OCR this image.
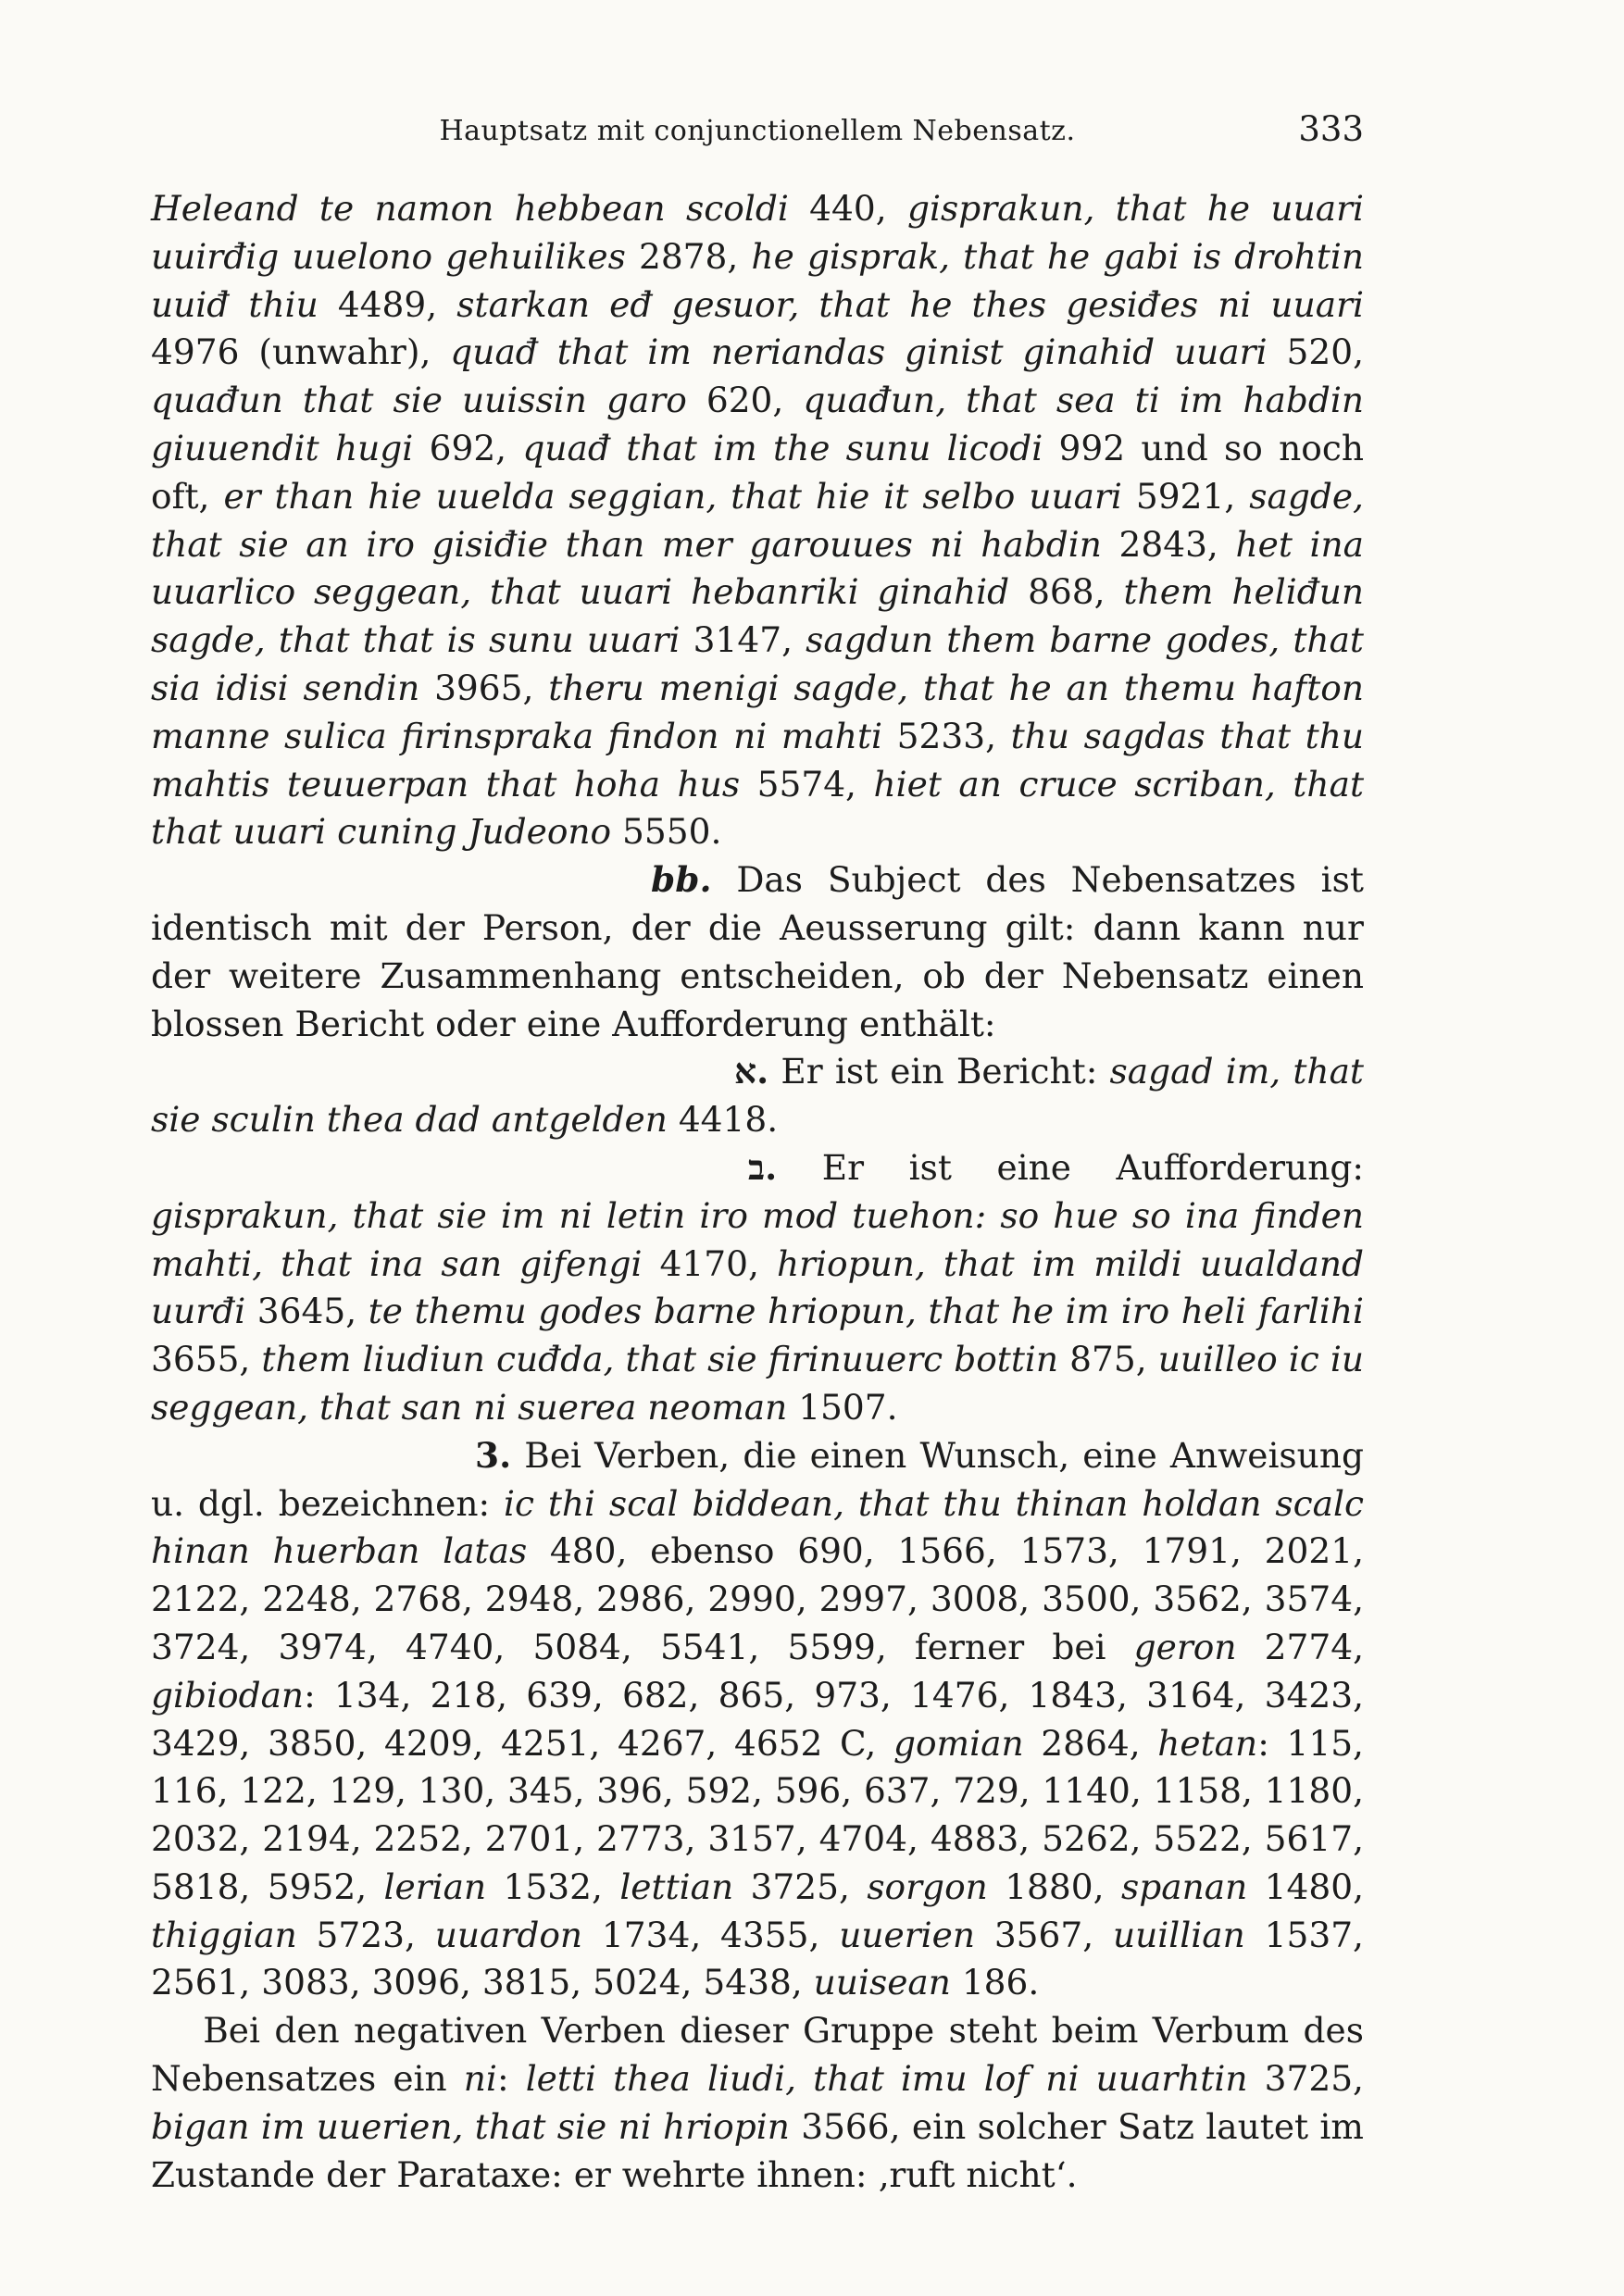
Hauptsatz mit conjunctionellem Nebensatz.	333

Heleand te namon hebbean scoldi 440, gisprakun, that he uuari uuirđig uuelono gehuilikes 2878, he gisprak, that he gabi is drohtin uuiđ thiu 4489, starkan eđ gesuor, that he thes gesiđes ni uuari 4976 (unwahr), quađ that im neriandas ginist ginahid uuari 520, quađun that sie uuissin garo 620, quađun, that sea ti im habdin giuuendit hugi 692, quađ that im the sunu licodi 992 und so noch oft, er than hie uuelda seggian, that hie it selbo uuari 5921, sagde, that sie an iro gisiđie than mer garouues ni habdin 2843, het ina uuarlico seggean, that uuari hebanriki ginahid 868, them heliđun sagde, that that is sunu uuari 3147, sagdun them barne godes, that sia idisi sendin 3965, theru menigi sagde, that he an themu hafton manne sulica firinspraka findon ni mahti 5233, thu sagdas that thu mahtis teuuerpan that hoha hus 5574, hiet an cruce scriban, that that uuari cuning Judeono 5550.

bb. Das Subject des Nebensatzes ist identisch mit der Person, der die Aeusserung gilt: dann kann nur der weitere Zusammenhang entscheiden, ob der Nebensatz einen blossen Bericht oder eine Aufforderung enthält:

א. Er ist ein Bericht: sagad im, that sie sculin thea dad antgelden 4418.

ב. Er ist eine Aufforderung: gisprakun, that sie im ni letin iro mod tuehon: so hue so ina finden mahti, that ina san gifengi 4170, hriopun, that im mildi uualdand uurđi 3645, te themu godes barne hriopun, that he im iro heli farlihi 3655, them liudiun cuđda, that sie firinuuerc bottin 875, uuilleo ic iu seggean, that san ni suerea neoman 1507.

3. Bei Verben, die einen Wunsch, eine Anweisung u. dgl. bezeichnen: ic thi scal biddean, that thu thinan holdan scalc hinan huerban latas 480, ebenso 690, 1566, 1573, 1791, 2021, 2122, 2248, 2768, 2948, 2986, 2990, 2997, 3008, 3500, 3562, 3574, 3724, 3974, 4740, 5084, 5541, 5599, ferner bei geron 2774, gibiodan: 134, 218, 639, 682, 865, 973, 1476, 1843, 3164, 3423, 3429, 3850, 4209, 4251, 4267, 4652 C, gomian 2864, hetan: 115, 116, 122, 129, 130, 345, 396, 592, 596, 637, 729, 1140, 1158, 1180, 2032, 2194, 2252, 2701, 2773, 3157, 4704, 4883, 5262, 5522, 5617, 5818, 5952, lerian 1532, lettian 3725, sorgon 1880, spanan 1480, thiggian 5723, uuardon 1734, 4355, uuerien 3567, uuillian 1537, 2561, 3083, 3096, 3815, 5024, 5438, uuisean 186.

Bei den negativen Verben dieser Gruppe steht beim Verbum des Nebensatzes ein ni: letti thea liudi, that imu lof ni uuarhtin 3725, bigan im uuerien, that sie ni hriopin 3566, ein solcher Satz lautet im Zustande der Parataxe: er wehrte ihnen: ‚ruft nicht‘.
